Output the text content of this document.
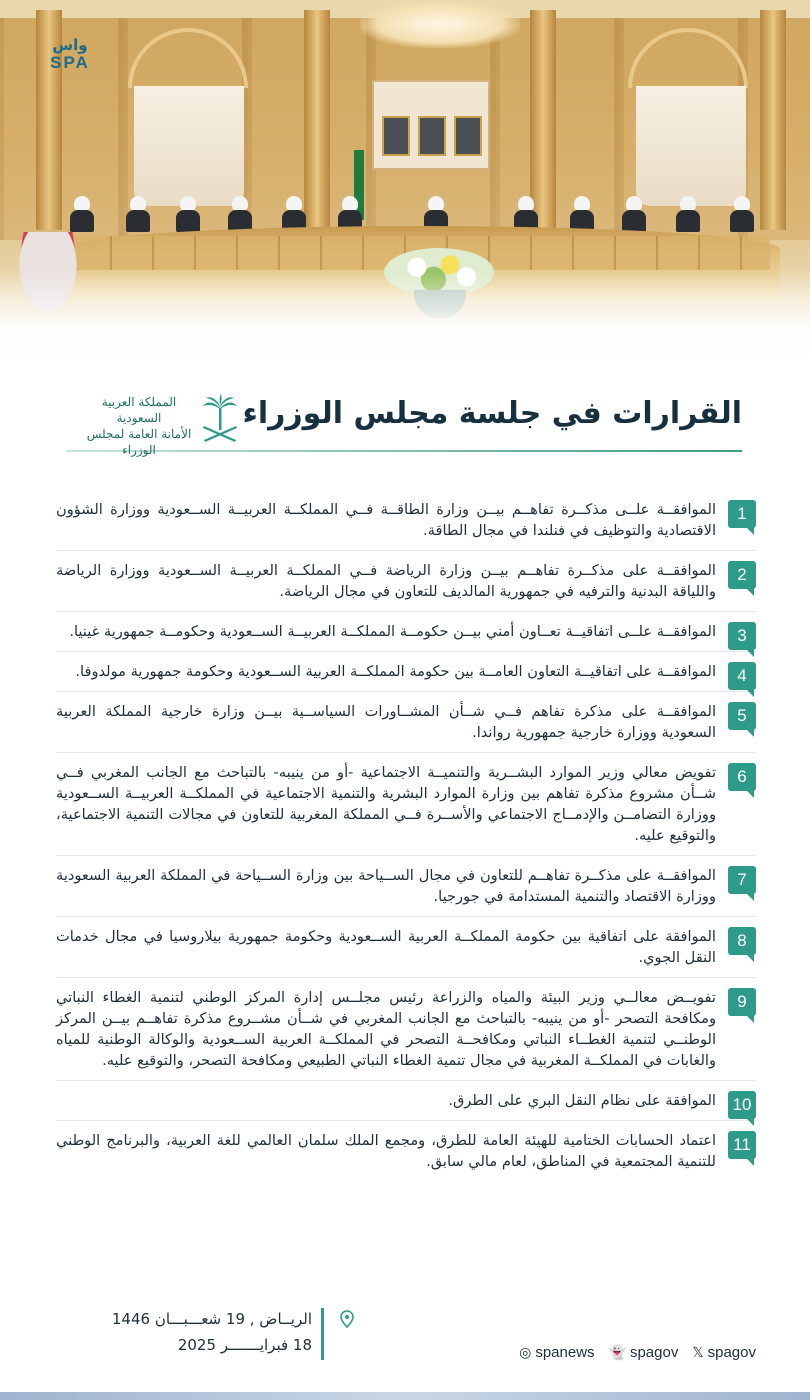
واس
SPA
القرارات في جلسة مجلس الوزراء
المملكة العربية السعودية
الأمانة العامة لمجلس الوزراء
1
الموافقــة علــى مذكــرة تفاهــم بيــن وزارة الطاقــة فــي المملكــة العربيــة الســعودية ووزارة الشؤون الاقتصادية والتوظيف في فنلندا في مجال الطاقة.
2
الموافقــة على مذكــرة تفاهــم بيــن وزارة الرياضة فــي المملكــة العربيــة الســعودية ووزارة الرياضة واللياقة البدنية والترفيه في جمهورية المالديف للتعاون في مجال الرياضة.
3
الموافقــة علــى اتفاقيــة تعــاون أمني بيــن حكومــة المملكــة العربيــة الســعودية وحكومــة جمهورية غينيا.
4
الموافقــة على اتفاقيــة التعاون العامــة بين حكومة المملكــة العربية الســعودية وحكومة جمهورية مولدوفا.
5
الموافقــة على مذكرة تفاهم فــي شــأن المشــاورات السياســية بيــن وزارة خارجية المملكة العربية السعودية ووزارة خارجية جمهورية رواندا.
6
تفويض معالي وزير الموارد البشــرية والتنميــة الاجتماعية -أو من ينيبه- بالتباحث مع الجانب المغربي فــي شــأن مشروع مذكرة تفاهم بين وزارة الموارد البشرية والتنمية الاجتماعية في المملكــة العربيــة الســعودية ووزارة التضامــن والإدمــاج الاجتماعي والأســرة فــي المملكة المغربية للتعاون في مجالات التنمية الاجتماعية، والتوقيع عليه.
7
الموافقــة على مذكــرة تفاهــم للتعاون في مجال الســياحة بين وزارة الســياحة في المملكة العربية السعودية ووزارة الاقتصاد والتنمية المستدامة في جورجيا.
8
الموافقة على اتفاقية بين حكومة المملكــة العربية الســعودية وحكومة جمهورية بيلاروسيا في مجال خدمات النقل الجوي.
9
تفويــض معالــي وزير البيئة والمياه والزراعة رئيس مجلــس إدارة المركز الوطني لتنمية الغطاء النباتي ومكافحة التصحر -أو من ينيبه- بالتباحث مع الجانب المغربي في شــأن مشــروع مذكرة تفاهــم بيــن المركز الوطنــي لتنمية الغطــاء النباتي ومكافحــة التصحر في المملكــة العربية الســعودية والوكالة الوطنية للمياه والغابات في المملكــة المغربية في مجال تنمية الغطاء النباتي الطبيعي ومكافحة التصحر، والتوقيع عليه.
10
الموافقة على نظام النقل البري على الطرق.
11
اعتماد الحسابات الختامية للهيئة العامة للطرق، ومجمع الملك سلمان العالمي للغة العربية، والبرنامج الوطني للتنمية المجتمعية في المناطق، لعام مالي سابق.
الريــاض , 19 شعـــبـــان 1446
18 فبرايـــــــر 2025	𝕏 spagov
👻 spagov
◎ spanews
